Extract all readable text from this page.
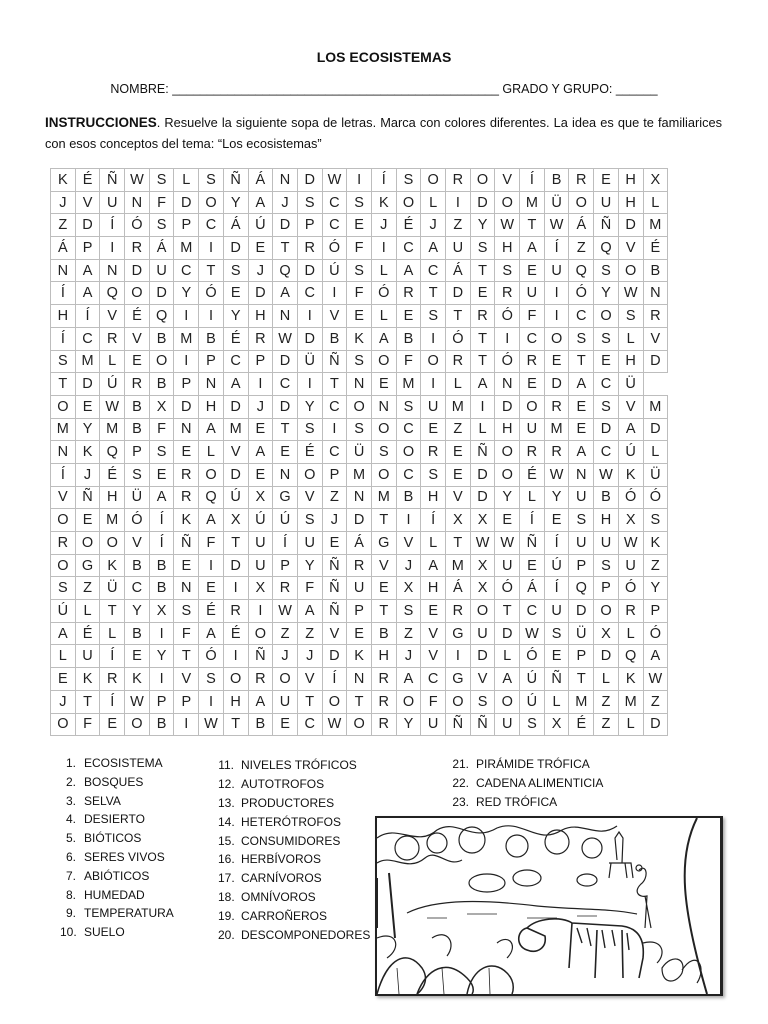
LOS ECOSISTEMAS
NOMBRE: _______________________________________________ GRADO Y GRUPO: ______
INSTRUCCIONES. Resuelve la siguiente sopa de letras. Marca con colores diferentes. La idea es que te familiarices con esos conceptos del tema: “Los ecosistemas”
K	É	Ñ	W	S	L	S	Ñ	Á	N	D	W	I	Í	S	O	R	O	V	Í	B	R	E	H	X
J	V	U	N	F	D	O	Y	A	J	S	C	S	K	O	L	I	D	O	M	Ü	O	U	H	L
Z	D	Í	Ó	S	P	C	Á	Ú	D	P	C	E	J	É	J	Z	Y	W	T	W	Á	Ñ	D	M
Á	P	I	R	Á	M	I	D	E	T	R	Ó	F	I	C	A	U	S	H	A	Í	Z	Q	V	É
N	A	N	D	U	C	T	S	J	Q	D	Ú	S	L	A	C	Á	T	S	E	U	Q	S	O	B
Í	A	Q	O	D	Y	Ó	E	D	A	C	I	F	Ó	R	T	D	E	R	U	I	Ó	Y	W	N
H	Í	V	É	Q	I	I	Y	H	N	I	V	E	L	E	S	T	R	Ó	F	I	C	O	S	R
Í	C	R	V	B	M	B	É	R	W	D	B	K	A	B	I	Ó	T	I	C	O	S	S	L	V
S	M	L	E	O	I	P	C	P	D	Ü	Ñ	S	O	F	O	R	T	Ó	R	E	T	E	H	D
T	D	Ú	R	B	P	N	A	I	C	I	T	N	E	M	I	L	A	N	E	D	A	C	Ü	
O	E	W	B	X	D	H	D	J	D	Y	C	O	N	S	U	M	I	D	O	R	E	S	V	M
M	Y	M	B	F	N	A	M	E	T	S	I	S	O	C	E	Z	L	H	U	M	E	D	A	D
N	K	Q	P	S	E	L	V	A	E	É	C	Ü	S	O	R	E	Ñ	O	R	R	A	C	Ú	L
Í	J	É	S	E	R	O	D	E	N	O	P	M	O	C	S	E	D	O	É	W	N	W	K	Ü
V	Ñ	H	Ü	A	R	Q	Ú	X	G	V	Z	N	M	B	H	V	D	Y	L	Y	U	B	Ó	Ó
O	E	M	Ó	Í	K	A	X	Ú	Ú	S	J	D	T	I	Í	X	X	E	Í	E	S	H	X	S
R	O	O	V	Í	Ñ	F	T	U	Í	U	E	Á	G	V	L	T	W	W	Ñ	Í	U	U	W	K
O	G	K	B	B	E	I	D	U	P	Y	Ñ	R	V	J	A	M	X	U	E	Ú	P	S	U	Z
S	Z	Ü	C	B	N	E	I	X	R	F	Ñ	U	E	X	H	Á	X	Ó	Á	Í	Q	P	Ó	Y
Ú	L	T	Y	X	S	É	R	I	W	A	Ñ	P	T	S	E	R	O	T	C	U	D	O	R	P
A	É	L	B	I	F	A	É	O	Z	Z	V	E	B	Z	V	G	U	D	W	S	Ü	X	L	Ó
L	U	Í	E	Y	T	Ó	I	Ñ	J	J	D	K	H	J	V	I	D	L	Ó	E	P	D	Q	A
E	K	R	K	I	V	S	O	R	O	V	Í	N	R	A	C	G	V	A	Ú	Ñ	T	L	K	W
J	T	Í	W	P	P	I	H	A	U	T	O	T	R	O	F	O	S	O	Ú	L	M	Z	M	Z
O	F	E	O	B	I	W	T	B	E	C	W	O	R	Y	U	Ñ	Ñ	U	S	X	É	Z	L	D
1. ECOSISTEMA
2. BOSQUES
3. SELVA
4. DESIERTO
5. BIÓTICOS
6. SERES VIVOS
7. ABIÓTICOS
8. HUMEDAD
9. TEMPERATURA
10. SUELO
11. NIVELES TRÓFICOS
12. AUTOTROFOS
13. PRODUCTORES
14. HETERÓTROFOS
15. CONSUMIDORES
16. HERBÍVOROS
17. CARNÍVOROS
18. OMNÍVOROS
19. CARROÑEROS
20. DESCOMPONEDORES
21. PIRÁMIDE TRÓFICA
22. CADENA ALIMENTICIA
23. RED TRÓFICA
